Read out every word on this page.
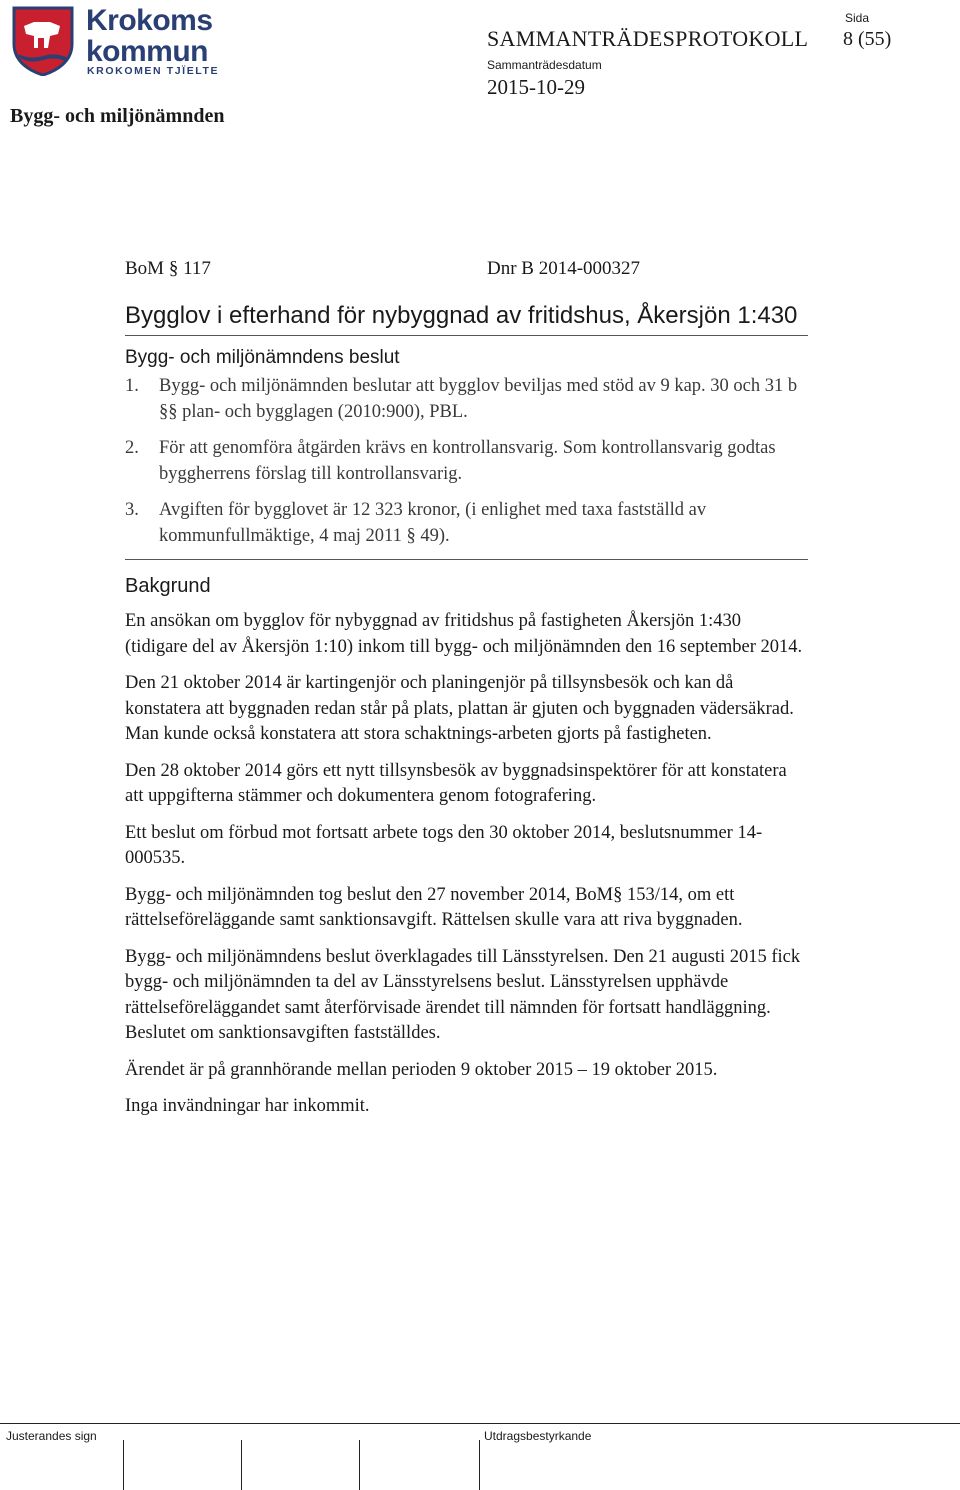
Krokoms
kommun
KROKOMEN TJÏELTE
SAMMANTRÄDESPROTOKOLL
Sida
8 (55)
Sammanträdesdatum
2015-10-29
Bygg- och miljönämnden
BoM § 117	Dnr B 2014-000327
Bygglov i efterhand för nybyggnad av fritidshus, Åkersjön 1:430
Bygg- och miljönämndens beslut
1. Bygg- och miljönämnden beslutar att bygglov beviljas med stöd av 9 kap. 30 och 31 b §§ plan- och bygglagen (2010:900), PBL.
2. För att genomföra åtgärden krävs en kontrollansvarig. Som kontrollansvarig godtas byggherrens förslag till kontrollansvarig.
3. Avgiften för bygglovet är 12 323 kronor, (i enlighet med taxa fastställd av kommunfullmäktige, 4 maj 2011 § 49).
Bakgrund

En ansökan om bygglov för nybyggnad av fritidshus på fastigheten Åkersjön 1:430 (tidigare del av Åkersjön 1:10) inkom till bygg- och miljönämnden den 16 september 2014.

Den 21 oktober 2014 är kartingenjör och planingenjör på tillsynsbesök och kan då konstatera att byggnaden redan står på plats, plattan är gjuten och byggnaden vädersäkrad. Man kunde också konstatera att stora schaktnings-arbeten gjorts på fastigheten.

Den 28 oktober 2014 görs ett nytt tillsynsbesök av byggnadsinspektörer för att konstatera att uppgifterna stämmer och dokumentera genom fotografering.

Ett beslut om förbud mot fortsatt arbete togs den 30 oktober 2014, beslutsnummer 14-000535.

Bygg- och miljönämnden tog beslut den 27 november 2014, BoM§ 153/14, om ett rättelseföreläggande samt sanktionsavgift. Rättelsen skulle vara att riva byggnaden.

Bygg- och miljönämndens beslut överklagades till Länsstyrelsen. Den 21 augusti 2015 fick bygg- och miljönämnden ta del av Länsstyrelsens beslut. Länsstyrelsen upphävde rättelseföreläggandet samt återförvisade ärendet till nämnden för fortsatt handläggning. Beslutet om sanktionsavgiften fastställdes.

Ärendet är på grannhörande mellan perioden 9 oktober 2015 – 19 oktober 2015.

Inga invändningar har inkommit.

Justerandes sign	Utdragsbestyrkande
